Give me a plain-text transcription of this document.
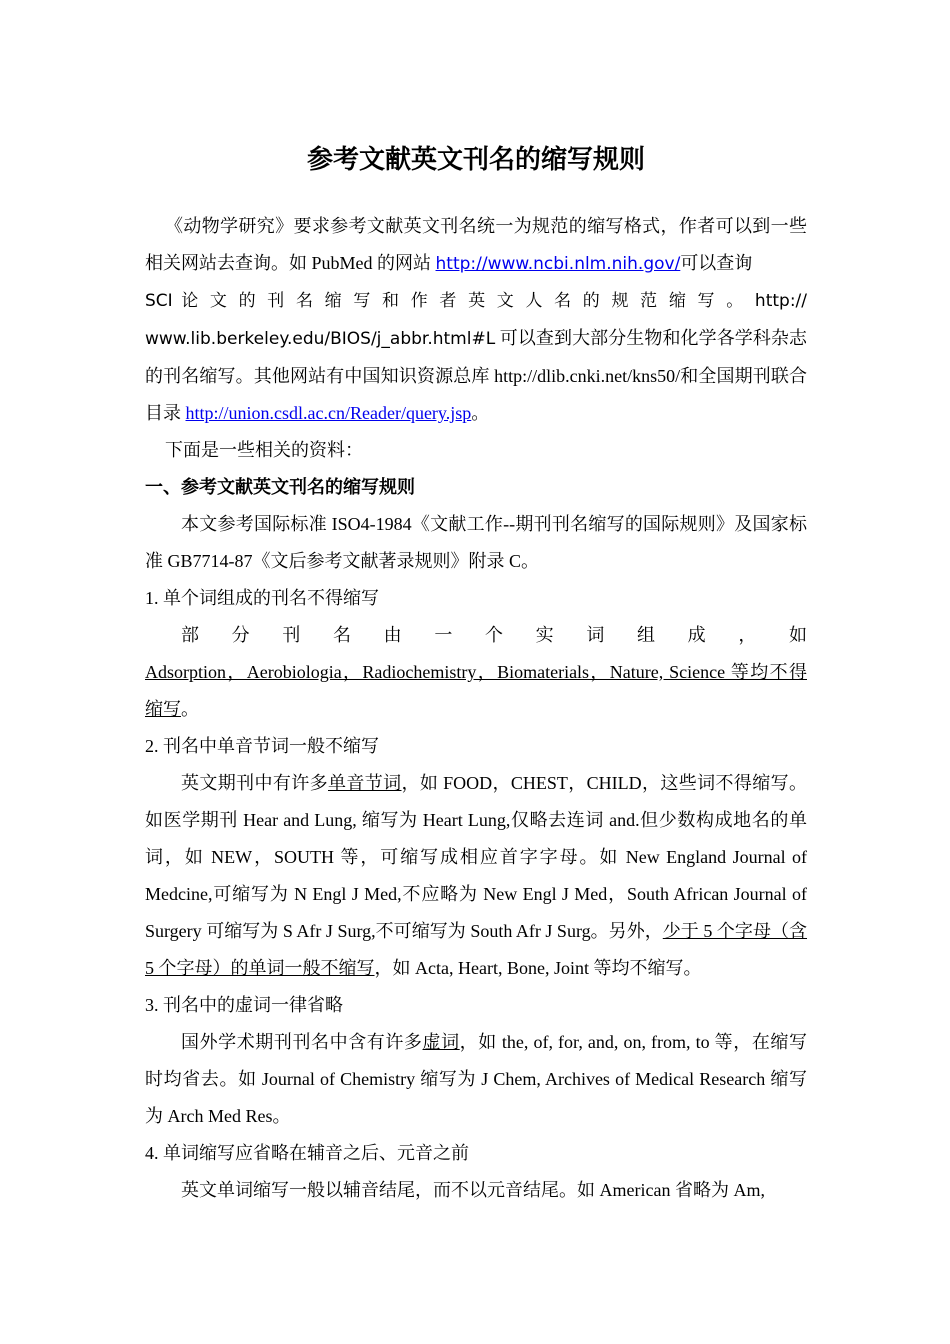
参考文献英文刊名的缩写规则

《动物学研究》要求参考文献英文刊名统一为规范的缩写格式，作者可以到一些相关网站去查询。如 PubMed 的网站 http://www.ncbi.nlm.nih.gov/可以查询

SCI 论 文 的 刊 名 缩 写 和 作 者 英 文 人 名 的 规 范 缩 写 。 http://

www.lib.berkeley.edu/BIOS/j_abbr.html#L 可以查到大部分生物和化学各学科杂志的刊名缩写。其他网站有中国知识资源总库 http://dlib.cnki.net/kns50/和全国期刊联合目录 http://union.csdl.ac.cn/Reader/query.jsp。

下面是一些相关的资料：

一、参考文献英文刊名的缩写规则

本文参考国际标准 ISO4-1984《文献工作--期刊刊名缩写的国际规则》及国家标准 GB7714-87《文后参考文献著录规则》附录 C。

1. 单个词组成的刊名不得缩写

部 分 刊 名 由 一 个 实 词 组 成 ， 如

Adsorption，Aerobiologia，Radiochemistry，Biomaterials，Nature, Science 等均不得缩写。

2. 刊名中单音节词一般不缩写

英文期刊中有许多单音节词，如 FOOD，CHEST，CHILD，这些词不得缩写。如医学期刊 Hear and Lung, 缩写为 Heart Lung,仅略去连词 and.但少数构成地名的单词，如 NEW，SOUTH 等，可缩写成相应首字字母。如 New England Journal of Medcine,可缩写为 N Engl J Med,不应略为 New Engl J Med，South African Journal of Surgery 可缩写为 S Afr J Surg,不可缩写为 South Afr J Surg。另外，少于 5 个字母（含 5 个字母）的单词一般不缩写，如 Acta, Heart, Bone, Joint 等均不缩写。

3. 刊名中的虚词一律省略

国外学术期刊刊名中含有许多虚词，如 the, of, for, and, on, from, to 等，在缩写时均省去。如 Journal of Chemistry 缩写为 J Chem, Archives of Medical Research 缩写为 Arch Med Res。

4. 单词缩写应省略在辅音之后、元音之前

英文单词缩写一般以辅音结尾，而不以元音结尾。如 American 省略为 Am,
